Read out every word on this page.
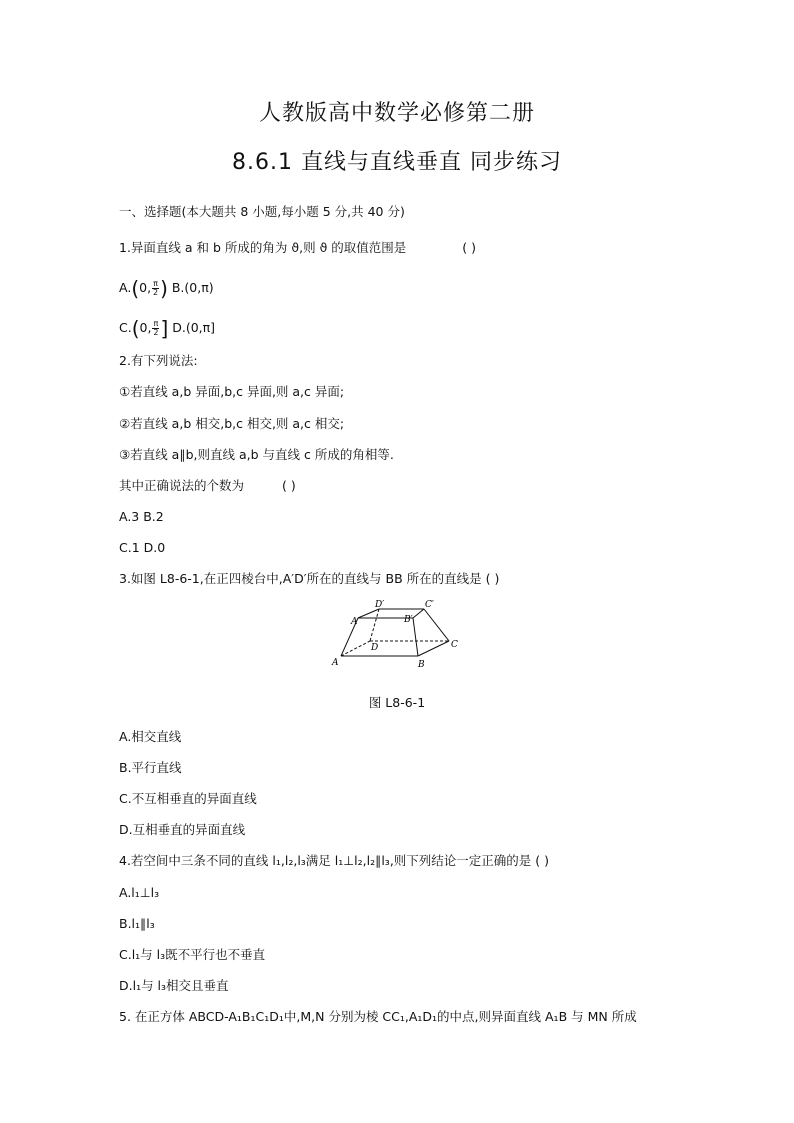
人教版高中数学必修第二册
8.6.1 直线与直线垂直 同步练习
一、选择题(本大题共 8 小题,每小题 5 分,共 40 分)
1.异面直线 a 和 b 所成的角为 ϑ,则 ϑ 的取值范围是	( )
A.(0, $\frac{\pi}{2}$ ) B.(0,π)
C.(0, $\frac{\pi}{2}$ ] D.(0,π]
2.有下列说法:
①若直线 a,b 异面,b,c 异面,则 a,c 异面;
②若直线 a,b 相交,b,c 相交,则 a,c 相交;
③若直线 a∥b,则直线 a,b 与直线 c 所成的角相等.
其中正确说法的个数为	( )
A.3 B.2
C.1 D.0
3.如图 L8-6-1,在正四棱台中,A′D′所在的直线与 BB 所在的直线是 ( )
D′	C′
A′	B′
D	C
A	B
图 L8-6-1
A.相交直线
B.平行直线
C.不互相垂直的异面直线
D.互相垂直的异面直线
4.若空间中三条不同的直线 l₁,l₂,l₃满足 l₁⊥l₂,l₂∥l₃,则下列结论一定正确的是 ( )
A.l₁⊥l₃
B.l₁∥l₃
C.l₁与 l₃既不平行也不垂直
D.l₁与 l₃相交且垂直
5. 在正方体 ABCD-A₁B₁C₁D₁中,M,N 分别为棱 CC₁,A₁D₁的中点,则异面直线 A₁B 与 MN 所成
